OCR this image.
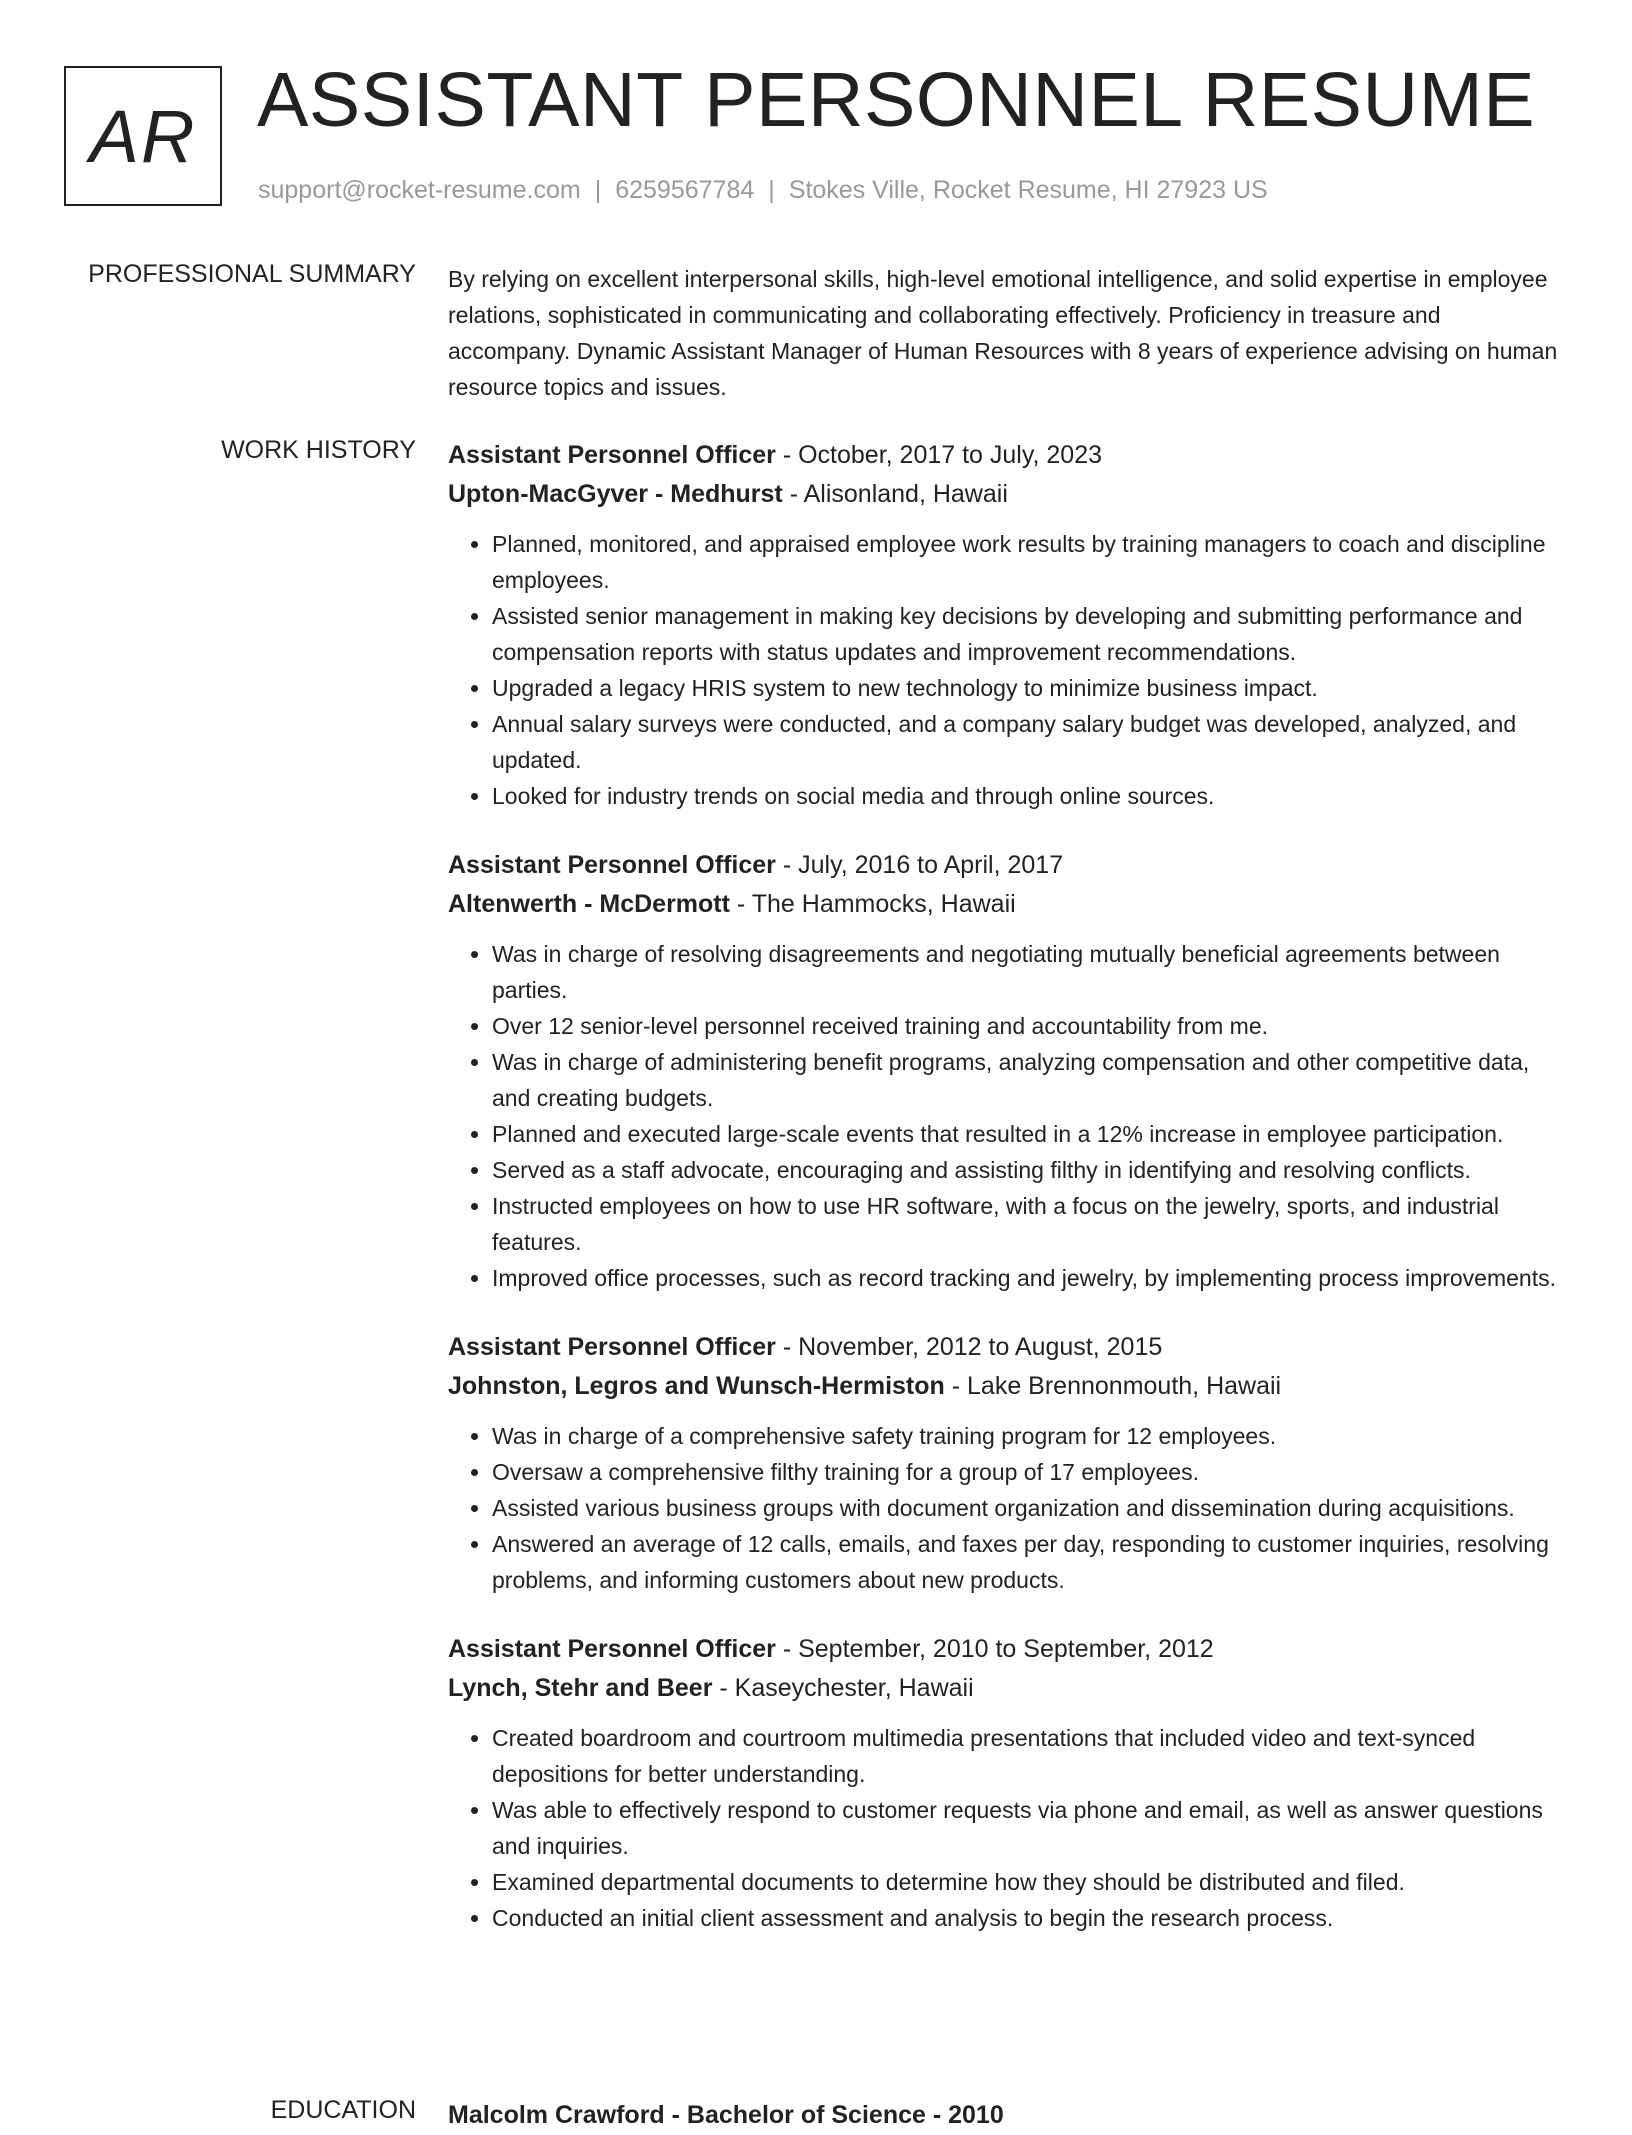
AR ASSISTANT PERSONNEL RESUME
support@rocket-resume.com | 6259567784 | Stokes Ville, Rocket Resume, HI 27923 US
PROFESSIONAL SUMMARY By relying on excellent interpersonal skills, high-level emotional intelligence, and solid expertise in employee relations, sophisticated in communicating and collaborating effectively. Proficiency in treasure and accompany. Dynamic Assistant Manager of Human Resources with 8 years of experience advising on human resource topics and issues.

WORK HISTORY Assistant Personnel Officer - October, 2017 to July, 2023
Upton-MacGyver - Medhurst - Alisonland, Hawaii
• Planned, monitored, and appraised employee work results by training managers to coach and discipline employees.
• Assisted senior management in making key decisions by developing and submitting performance and compensation reports with status updates and improvement recommendations.
• Upgraded a legacy HRIS system to new technology to minimize business impact.
• Annual salary surveys were conducted, and a company salary budget was developed, analyzed, and updated.
• Looked for industry trends on social media and through online sources.
Assistant Personnel Officer - July, 2016 to April, 2017
Altenwerth - McDermott - The Hammocks, Hawaii
• Was in charge of resolving disagreements and negotiating mutually beneficial agreements between parties.
• Over 12 senior-level personnel received training and accountability from me.
• Was in charge of administering benefit programs, analyzing compensation and other competitive data, and creating budgets.
• Planned and executed large-scale events that resulted in a 12% increase in employee participation.
• Served as a staff advocate, encouraging and assisting filthy in identifying and resolving conflicts.
• Instructed employees on how to use HR software, with a focus on the jewelry, sports, and industrial features.
• Improved office processes, such as record tracking and jewelry, by implementing process improvements.
Assistant Personnel Officer - November, 2012 to August, 2015
Johnston, Legros and Wunsch-Hermiston - Lake Brennonmouth, Hawaii
• Was in charge of a comprehensive safety training program for 12 employees.
• Oversaw a comprehensive filthy training for a group of 17 employees.
• Assisted various business groups with document organization and dissemination during acquisitions.
• Answered an average of 12 calls, emails, and faxes per day, responding to customer inquiries, resolving problems, and informing customers about new products.
Assistant Personnel Officer - September, 2010 to September, 2012
Lynch, Stehr and Beer - Kaseychester, Hawaii
• Created boardroom and courtroom multimedia presentations that included video and text-synced depositions for better understanding.
• Was able to effectively respond to customer requests via phone and email, as well as answer questions and inquiries.
• Examined departmental documents to determine how they should be distributed and filed.
• Conducted an initial client assessment and analysis to begin the research process.
EDUCATION Malcolm Crawford - Bachelor of Science - 2010
